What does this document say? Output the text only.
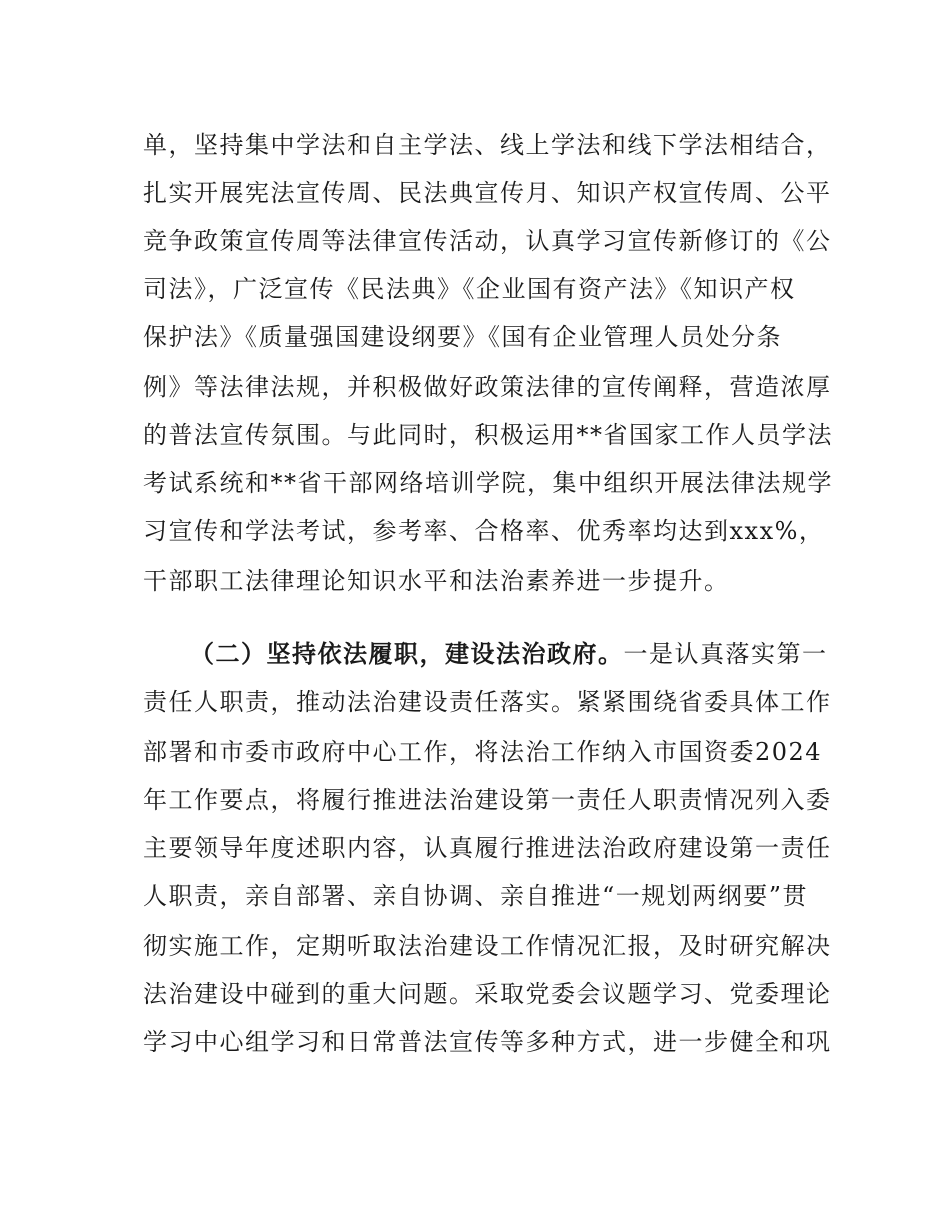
单，坚持集中学法和自主学法、线上学法和线下学法相结合，
扎实开展宪法宣传周、民法典宣传月、知识产权宣传周、公平
竞争政策宣传周等法律宣传活动，认真学习宣传新修订的《公
司法》，广泛宣传《民法典》《企业国有资产法》《知识产权
保护法》《质量强国建设纲要》《国有企业管理人员处分条
例》等法律法规，并积极做好政策法律的宣传阐释，营造浓厚
的普法宣传氛围。与此同时，积极运用**省国家工作人员学法
考试系统和**省干部网络培训学院，集中组织开展法律法规学
习宣传和学法考试，参考率、合格率、优秀率均达到xxx%，
干部职工法律理论知识水平和法治素养进一步提升。
（二）坚持依法履职，建设法治政府。一是认真落实第一
责任人职责，推动法治建设责任落实。紧紧围绕省委具体工作
部署和市委市政府中心工作，将法治工作纳入市国资委2024
年工作要点，将履行推进法治建设第一责任人职责情况列入委
主要领导年度述职内容，认真履行推进法治政府建设第一责任
人职责，亲自部署、亲自协调、亲自推进“一规划两纲要”贯
彻实施工作，定期听取法治建设工作情况汇报，及时研究解决
法治建设中碰到的重大问题。采取党委会议题学习、党委理论
学习中心组学习和日常普法宣传等多种方式，进一步健全和巩
